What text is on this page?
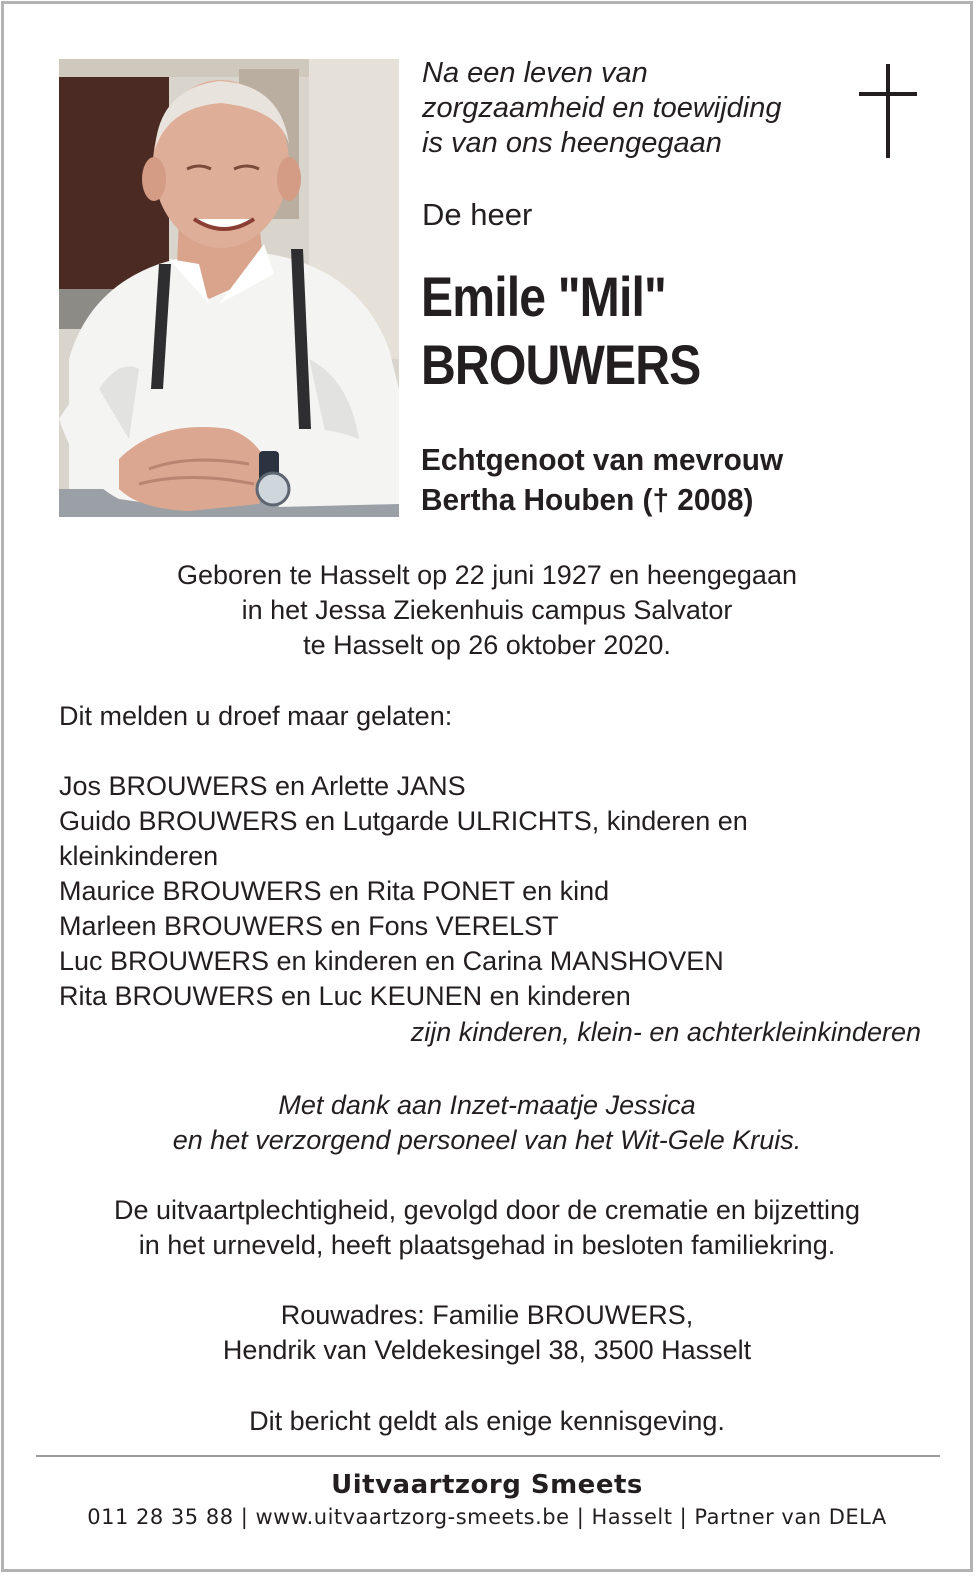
Na een leven van
zorgzaamheid en toewijding
is van ons heengegaan
De heer
Emile "Mil"
BROUWERS
Echtgenoot van mevrouw
Bertha Houben († 2008)
Geboren te Hasselt op 22 juni 1927 en heengegaan
in het Jessa Ziekenhuis campus Salvator
te Hasselt op 26 oktober 2020.
Dit melden u droef maar gelaten:
Jos BROUWERS en Arlette JANS
Guido BROUWERS en Lutgarde ULRICHTS, kinderen en
kleinkinderen
Maurice BROUWERS en Rita PONET en kind
Marleen BROUWERS en Fons VERELST
Luc BROUWERS en kinderen en Carina MANSHOVEN
Rita BROUWERS en Luc KEUNEN en kinderen
zijn kinderen, klein- en achterkleinkinderen
Met dank aan Inzet-maatje Jessica
en het verzorgend personeel van het Wit-Gele Kruis.
De uitvaartplechtigheid, gevolgd door de crematie en bijzetting
in het urneveld, heeft plaatsgehad in besloten familiekring.
Rouwadres: Familie BROUWERS,
Hendrik van Veldekesingel 38, 3500 Hasselt
Dit bericht geldt als enige kennisgeving.
Uitvaartzorg Smeets
011 28 35 88 | www.uitvaartzorg-smeets.be | Hasselt | Partner van DELA
